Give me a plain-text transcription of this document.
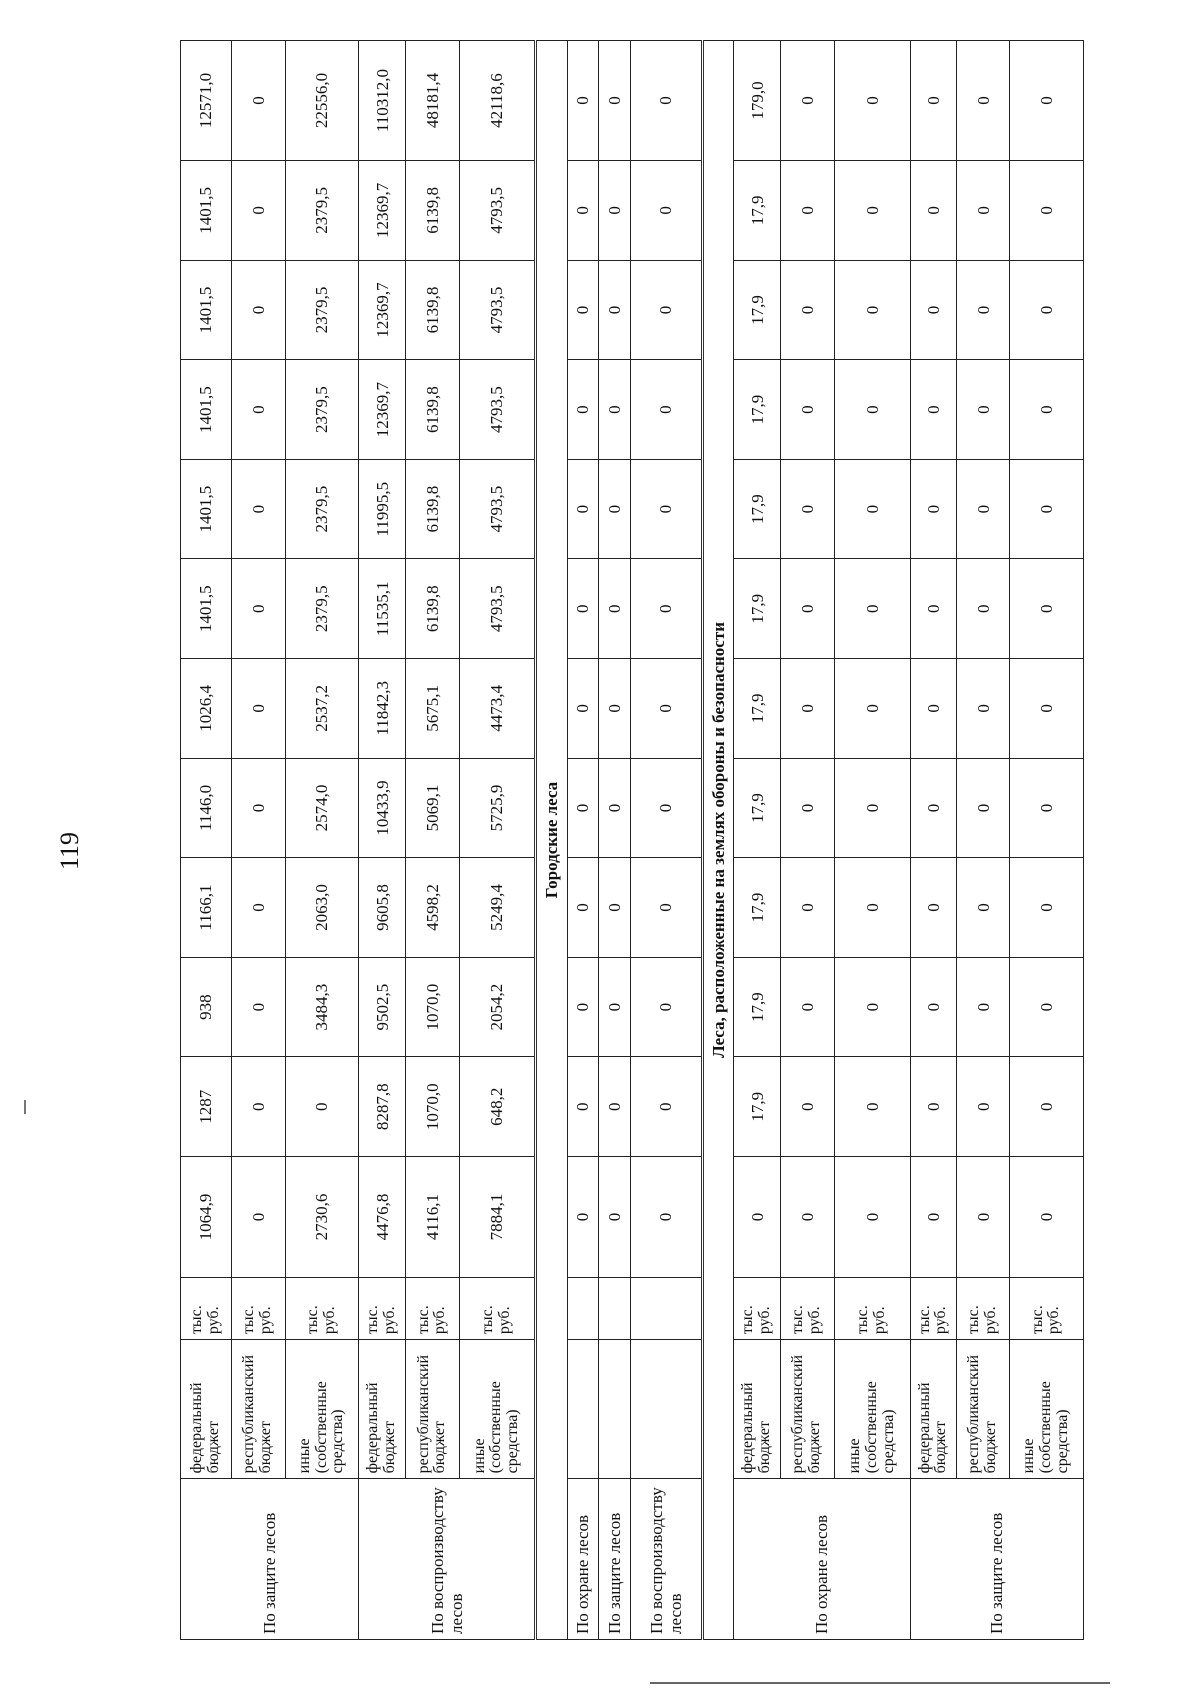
119
По защите лесов	федеральный бюджет	тыс. руб.	1064,9	1287	938	1166,1	1146,0	1026,4	1401,5	1401,5	1401,5	1401,5	1401,5	12571,0
	республиканский бюджет	тыс. руб.	0	0	0	0	0	0	0	0	0	0	0	0
	иные (собственные средства)	тыс. руб.	2730,6	0	3484,3	2063,0	2574,0	2537,2	2379,5	2379,5	2379,5	2379,5	2379,5	22556,0
По воспроизводству лесов	федеральный бюджет	тыс. руб.	4476,8	8287,8	9502,5	9605,8	10433,9	11842,3	11535,1	11995,5	12369,7	12369,7	12369,7	110312,0
	республиканский бюджет	тыс. руб.	4116,1	1070,0	1070,0	4598,2	5069,1	5675,1	6139,8	6139,8	6139,8	6139,8	6139,8	48181,4
	иные (собственные средства)	тыс. руб.	7884,1	648,2	2054,2	5249,4	5725,9	4473,4	4793,5	4793,5	4793,5	4793,5	4793,5	42118,6
Городские леса														
По охране лесов			0	0	0	0	0	0	0	0	0	0	0	0
По защите лесов			0	0	0	0	0	0	0	0	0	0	0	0
По воспроизводству лесов			0	0	0	0	0	0	0	0	0	0	0	0
Леса, расположенные на землях обороны и безопасности														
По охране лесов	федеральный бюджет	тыс. руб.	0	17,9	17,9	17,9	17,9	17,9	17,9	17,9	17,9	17,9	17,9	179,0
	республиканский бюджет	тыс. руб.	0	0	0	0	0	0	0	0	0	0	0	0
	иные (собственные средства)	тыс. руб.	0	0	0	0	0	0	0	0	0	0	0	0
По защите лесов	федеральный бюджет	тыс. руб.	0	0	0	0	0	0	0	0	0	0	0	0
	республиканский бюджет	тыс. руб.	0	0	0	0	0	0	0	0	0	0	0	0
	иные (собственные средства)	тыс. руб.	0	0	0	0	0	0	0	0	0	0	0	0
